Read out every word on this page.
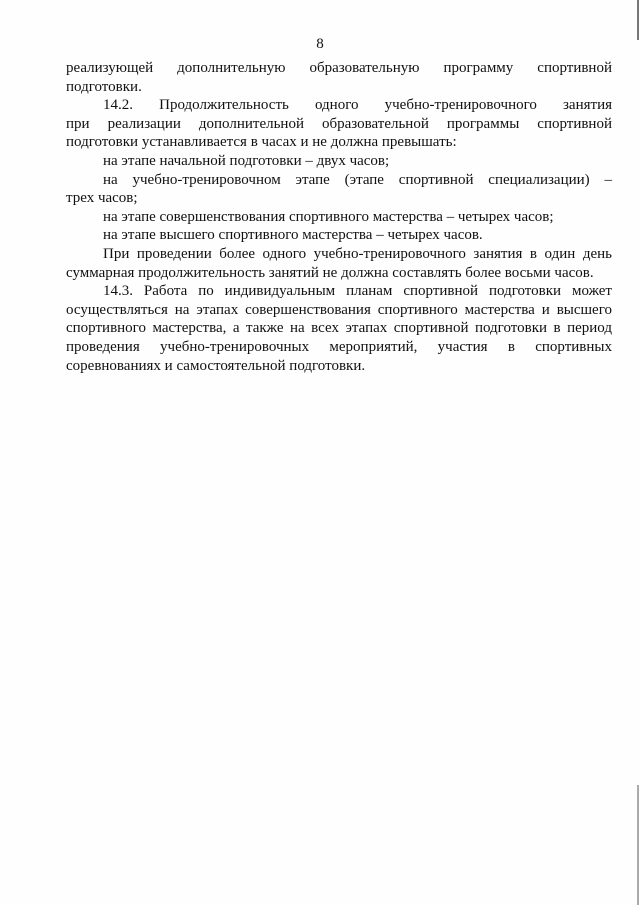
8
реализующей дополнительную образовательную программу спортивной
подготовки.
14.2. Продолжительность одного учебно-тренировочного занятия
при реализации дополнительной образовательной программы спортивной
подготовки устанавливается в часах и не должна превышать:
на этапе начальной подготовки – двух часов;
на учебно-тренировочном этапе (этапе спортивной специализации) –
трех часов;
на этапе совершенствования спортивного мастерства – четырех часов;
на этапе высшего спортивного мастерства – четырех часов.
При проведении более одного учебно-тренировочного занятия в один день
суммарная продолжительность занятий не должна составлять более восьми часов.
14.3. Работа по индивидуальным планам спортивной подготовки может
осуществляться на этапах совершенствования спортивного мастерства и высшего
спортивного мастерства, а также на всех этапах спортивной подготовки в период
проведения учебно-тренировочных мероприятий, участия в спортивных
соревнованиях и самостоятельной подготовки.
